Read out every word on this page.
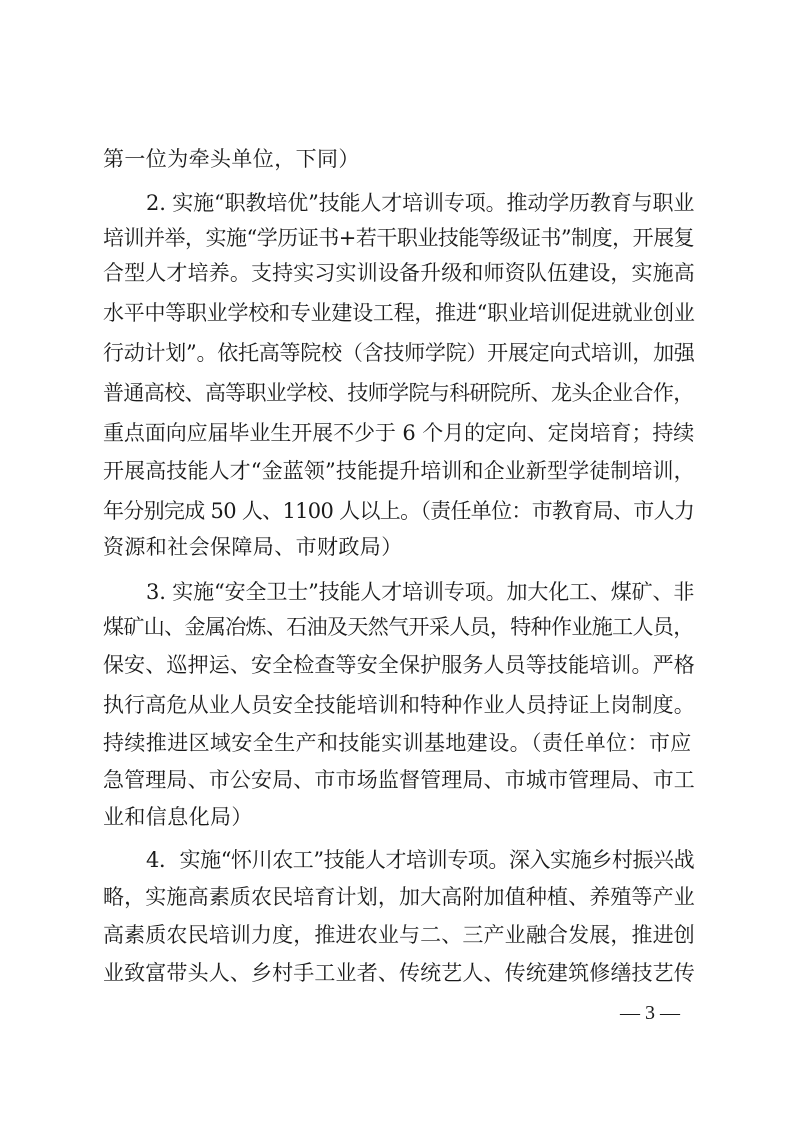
第一位为牵头单位，下同）
2. 实施“职教培优”技能人才培训专项。推动学历教育与职业
培训并举，实施“学历证书+若干职业技能等级证书”制度，开展复
合型人才培养。支持实习实训设备升级和师资队伍建设，实施高
水平中等职业学校和专业建设工程，推进“职业培训促进就业创业
行动计划”。依托高等院校（含技师学院）开展定向式培训，加强
普通高校、高等职业学校、技师学院与科研院所、龙头企业合作，
重点面向应届毕业生开展不少于 6 个月的定向、定岗培育；持续
开展高技能人才“金蓝领”技能提升培训和企业新型学徒制培训，
年分别完成 50 人、1100 人以上。（责任单位：市教育局、市人力
资源和社会保障局、市财政局）
3. 实施“安全卫士”技能人才培训专项。加大化工、煤矿、非
煤矿山、金属冶炼、石油及天然气开采人员，特种作业施工人员，
保安、巡押运、安全检查等安全保护服务人员等技能培训。严格
执行高危从业人员安全技能培训和特种作业人员持证上岗制度。
持续推进区域安全生产和技能实训基地建设。（责任单位：市应
急管理局、市公安局、市市场监督管理局、市城市管理局、市工
业和信息化局）
4．实施“怀川农工”技能人才培训专项。深入实施乡村振兴战
略，实施高素质农民培育计划，加大高附加值种植、养殖等产业
高素质农民培训力度，推进农业与二、三产业融合发展，推进创
业致富带头人、乡村手工业者、传统艺人、传统建筑修缮技艺传
— 3 —
